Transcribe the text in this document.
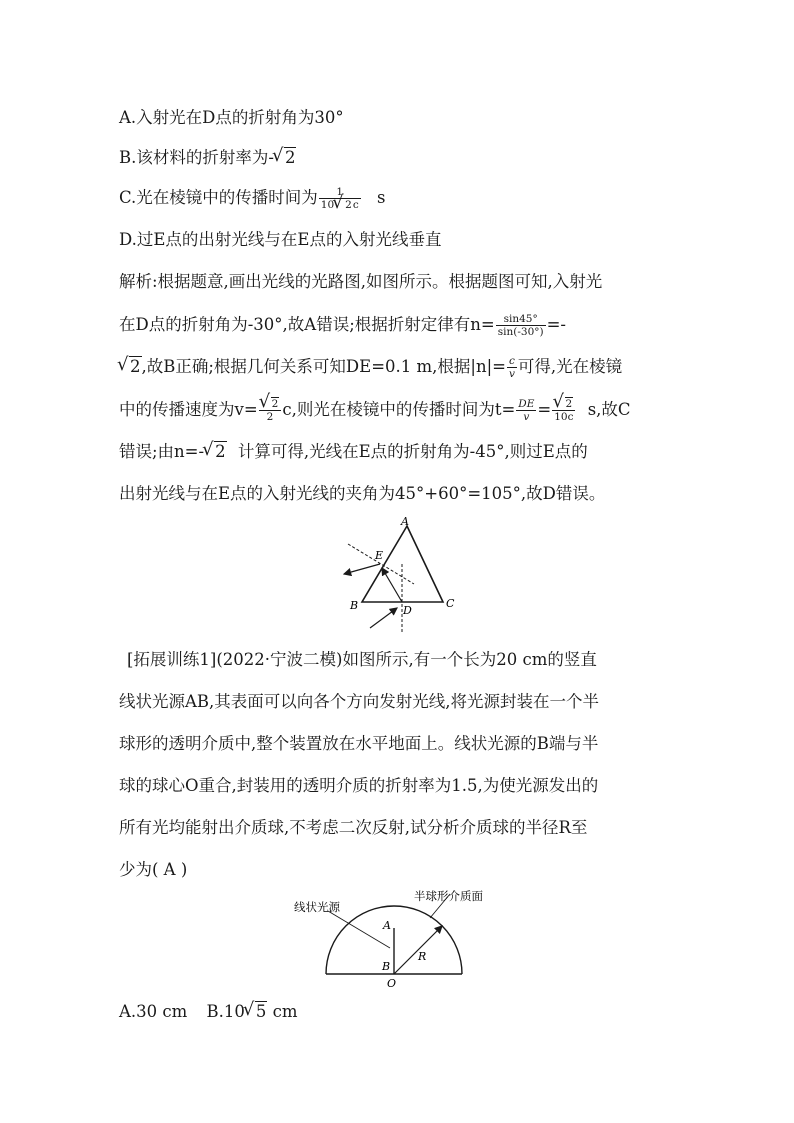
A.入射光在D点的折射角为30°
B.该材料的折射率为- √ 2
C.光在棱镜中的传播时间为 $\frac{1}{10 √ 2c}$ s
D.过E点的出射光线与在E点的入射光线垂直
解析:根据题意,画出光线的光路图,如图所示。根据题图可知,入射光
在D点的折射角为-30°,故A错误;根据折射定律有$n= \frac{\sin 45^\circ}{\sin(-30^\circ)}$ =-
√ 2,故B正确;根据几何关系可知DE=0.1 m,根据$|n|= \frac{c}{v}$ 可得,光在棱镜
中的传播速度为v= √ $\frac{2}{2} c$,则光在棱镜中的传播时间为$t= \frac{DE}{v}$ = √ $\frac{2}{10c} s$,故C
错误;由n=- √ 2 计算可得,光线在E点的折射角为-45°,则过E点的
出射光线与在E点的入射光线的夹角为45°+60°=105°,故D错误。
A
E
B	D
C
[拓展训练1](2022·宁波二模)如图所示,有一个长为20 cm的竖直
线状光源AB,其表面可以向各个方向发射光线,将光源封装在一个半
球形的透明介质中,整个装置放在水平地面上。线状光源的B端与半
球的球心O重合,封装用的透明介质的折射率为1.5,为使光源发出的
所有光均能射出介质球,不考虑二次反射,试分析介质球的半径R至
少为( A )
线状光源
半球形介质面
A
B
O
R
A.30 cm B.10 √ 5 cm
